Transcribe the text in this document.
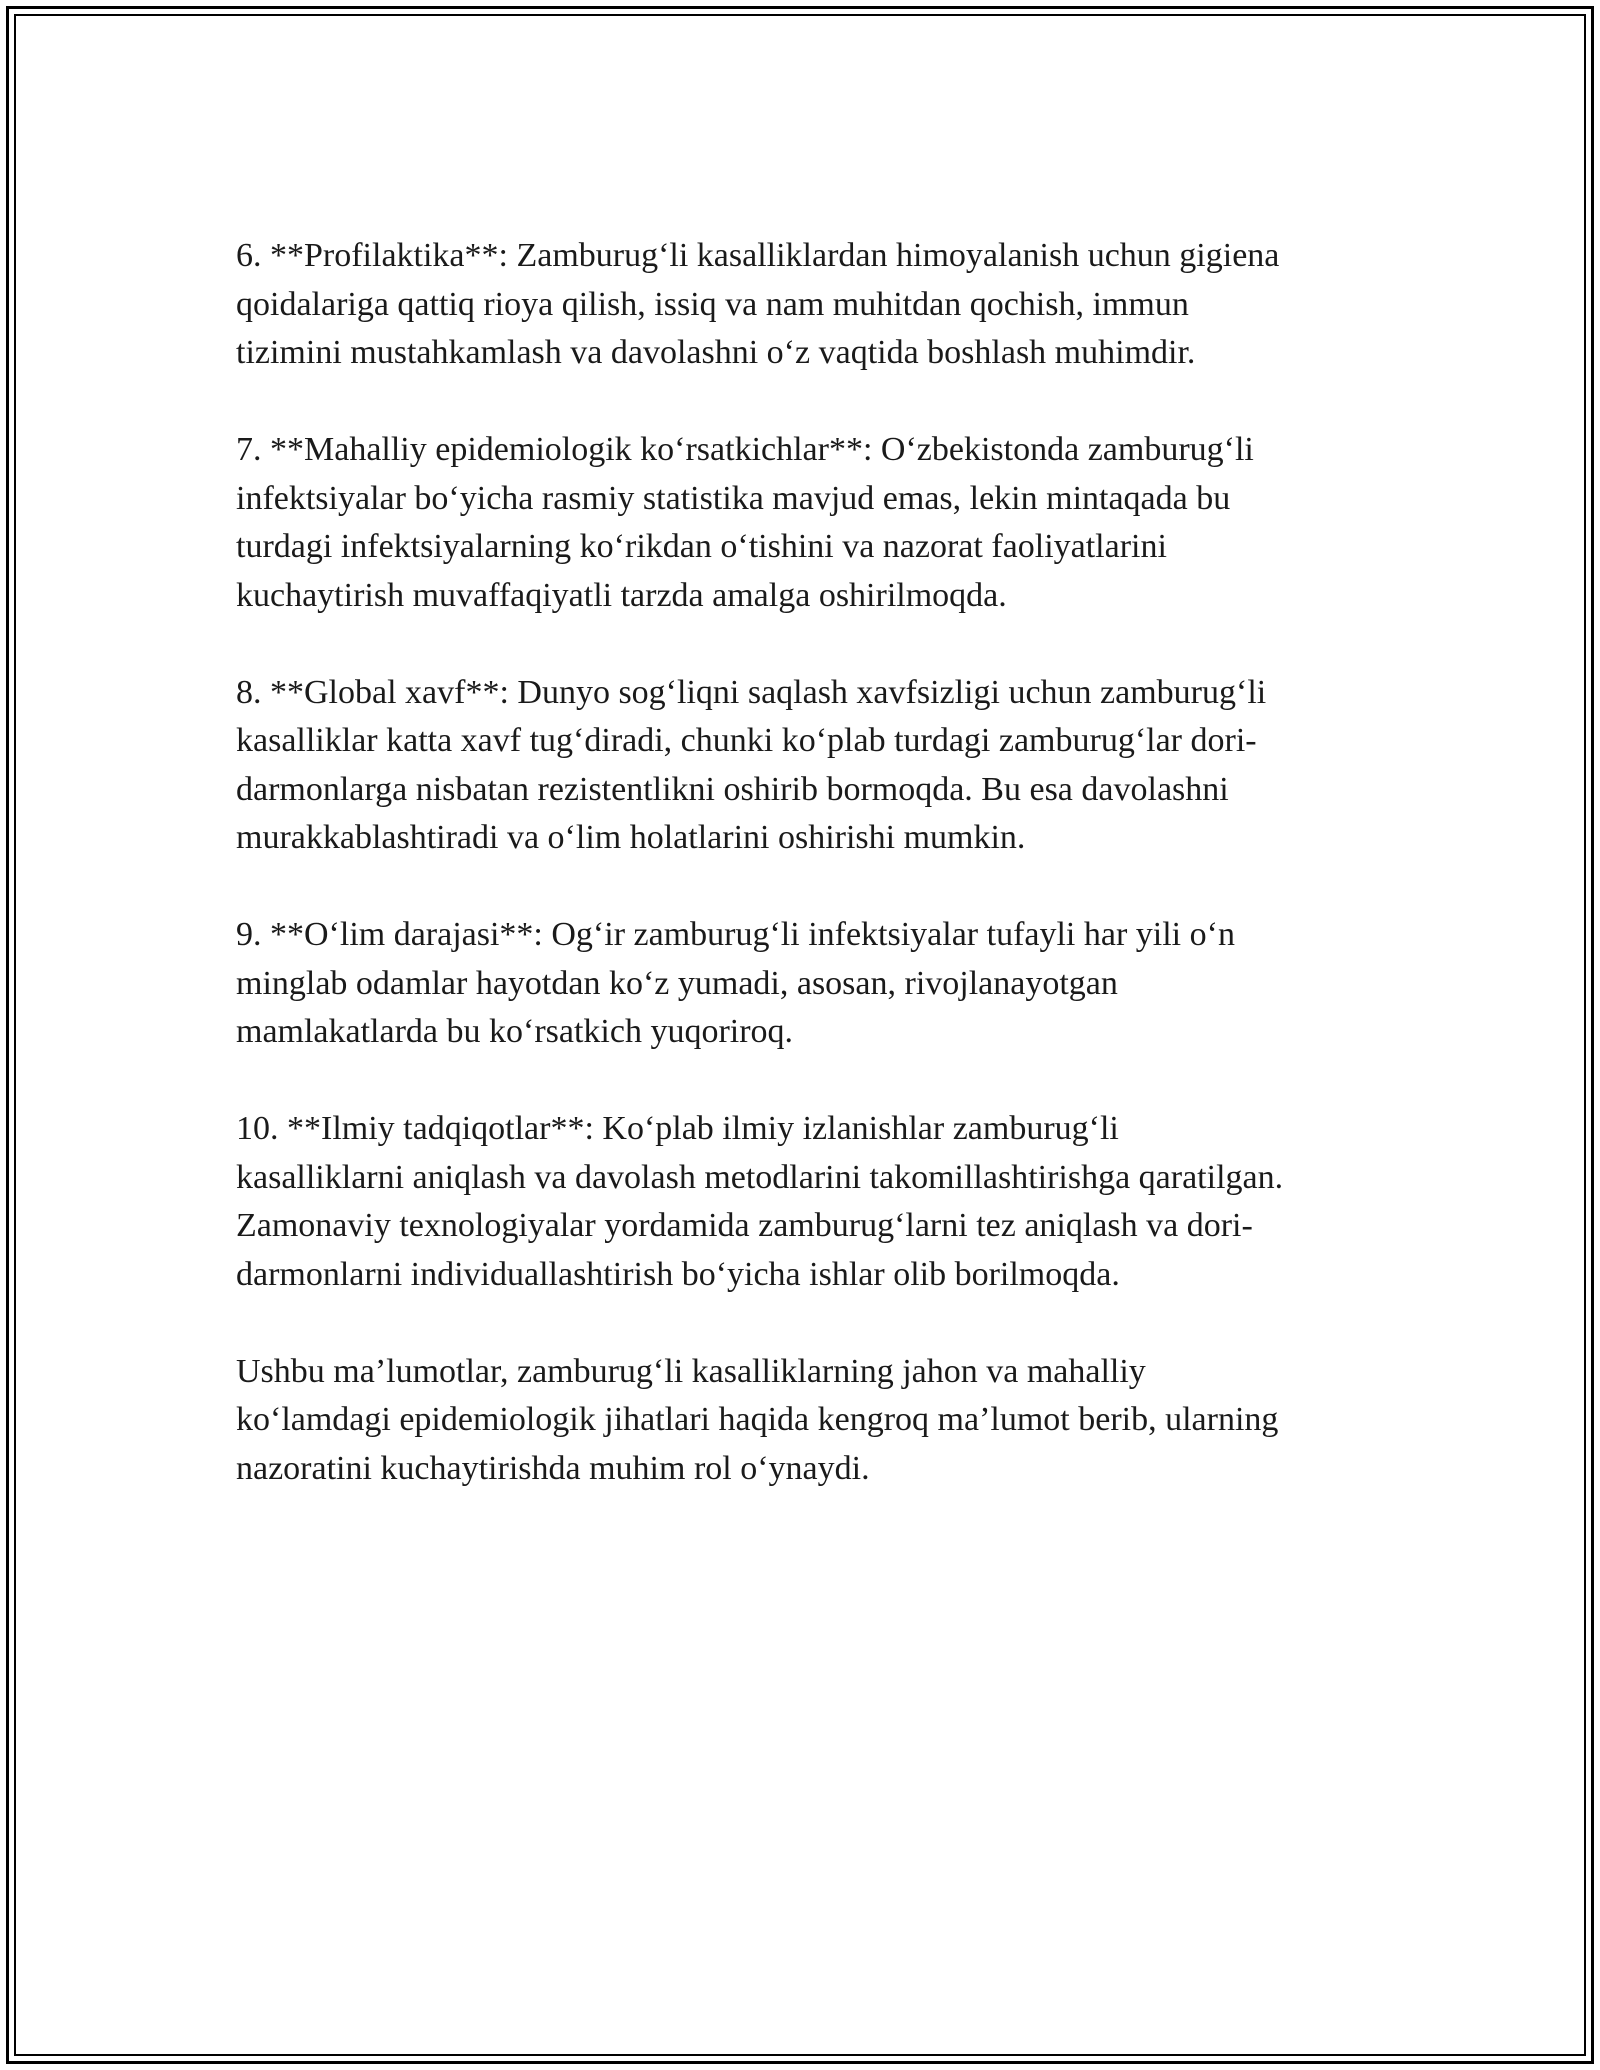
6. **Profilaktika**: Zamburug‘li kasalliklardan himoyalanish uchun gigiena
qoidalariga qattiq rioya qilish, issiq va nam muhitdan qochish, immun
tizimini mustahkamlash va davolashni o‘z vaqtida boshlash muhimdir.

7. **Mahalliy epidemiologik ko‘rsatkichlar**: O‘zbekistonda zamburug‘li
infektsiyalar bo‘yicha rasmiy statistika mavjud emas, lekin mintaqada bu
turdagi infektsiyalarning ko‘rikdan o‘tishini va nazorat faoliyatlarini
kuchaytirish muvaffaqiyatli tarzda amalga oshirilmoqda.

8. **Global xavf**: Dunyo sog‘liqni saqlash xavfsizligi uchun zamburug‘li
kasalliklar katta xavf tug‘diradi, chunki ko‘plab turdagi zamburug‘lar dori-
darmonlarga nisbatan rezistentlikni oshirib bormoqda. Bu esa davolashni
murakkablashtiradi va o‘lim holatlarini oshirishi mumkin.

9. **O‘lim darajasi**: Og‘ir zamburug‘li infektsiyalar tufayli har yili o‘n
minglab odamlar hayotdan ko‘z yumadi, asosan, rivojlanayotgan
mamlakatlarda bu ko‘rsatkich yuqoriroq.

10. **Ilmiy tadqiqotlar**: Ko‘plab ilmiy izlanishlar zamburug‘li
kasalliklarni aniqlash va davolash metodlarini takomillashtirishga qaratilgan.
Zamonaviy texnologiyalar yordamida zamburug‘larni tez aniqlash va dori-
darmonlarni individuallashtirish bo‘yicha ishlar olib borilmoqda.

Ushbu ma’lumotlar, zamburug‘li kasalliklarning jahon va mahalliy
ko‘lamdagi epidemiologik jihatlari haqida kengroq ma’lumot berib, ularning
nazoratini kuchaytirishda muhim rol o‘ynaydi.
